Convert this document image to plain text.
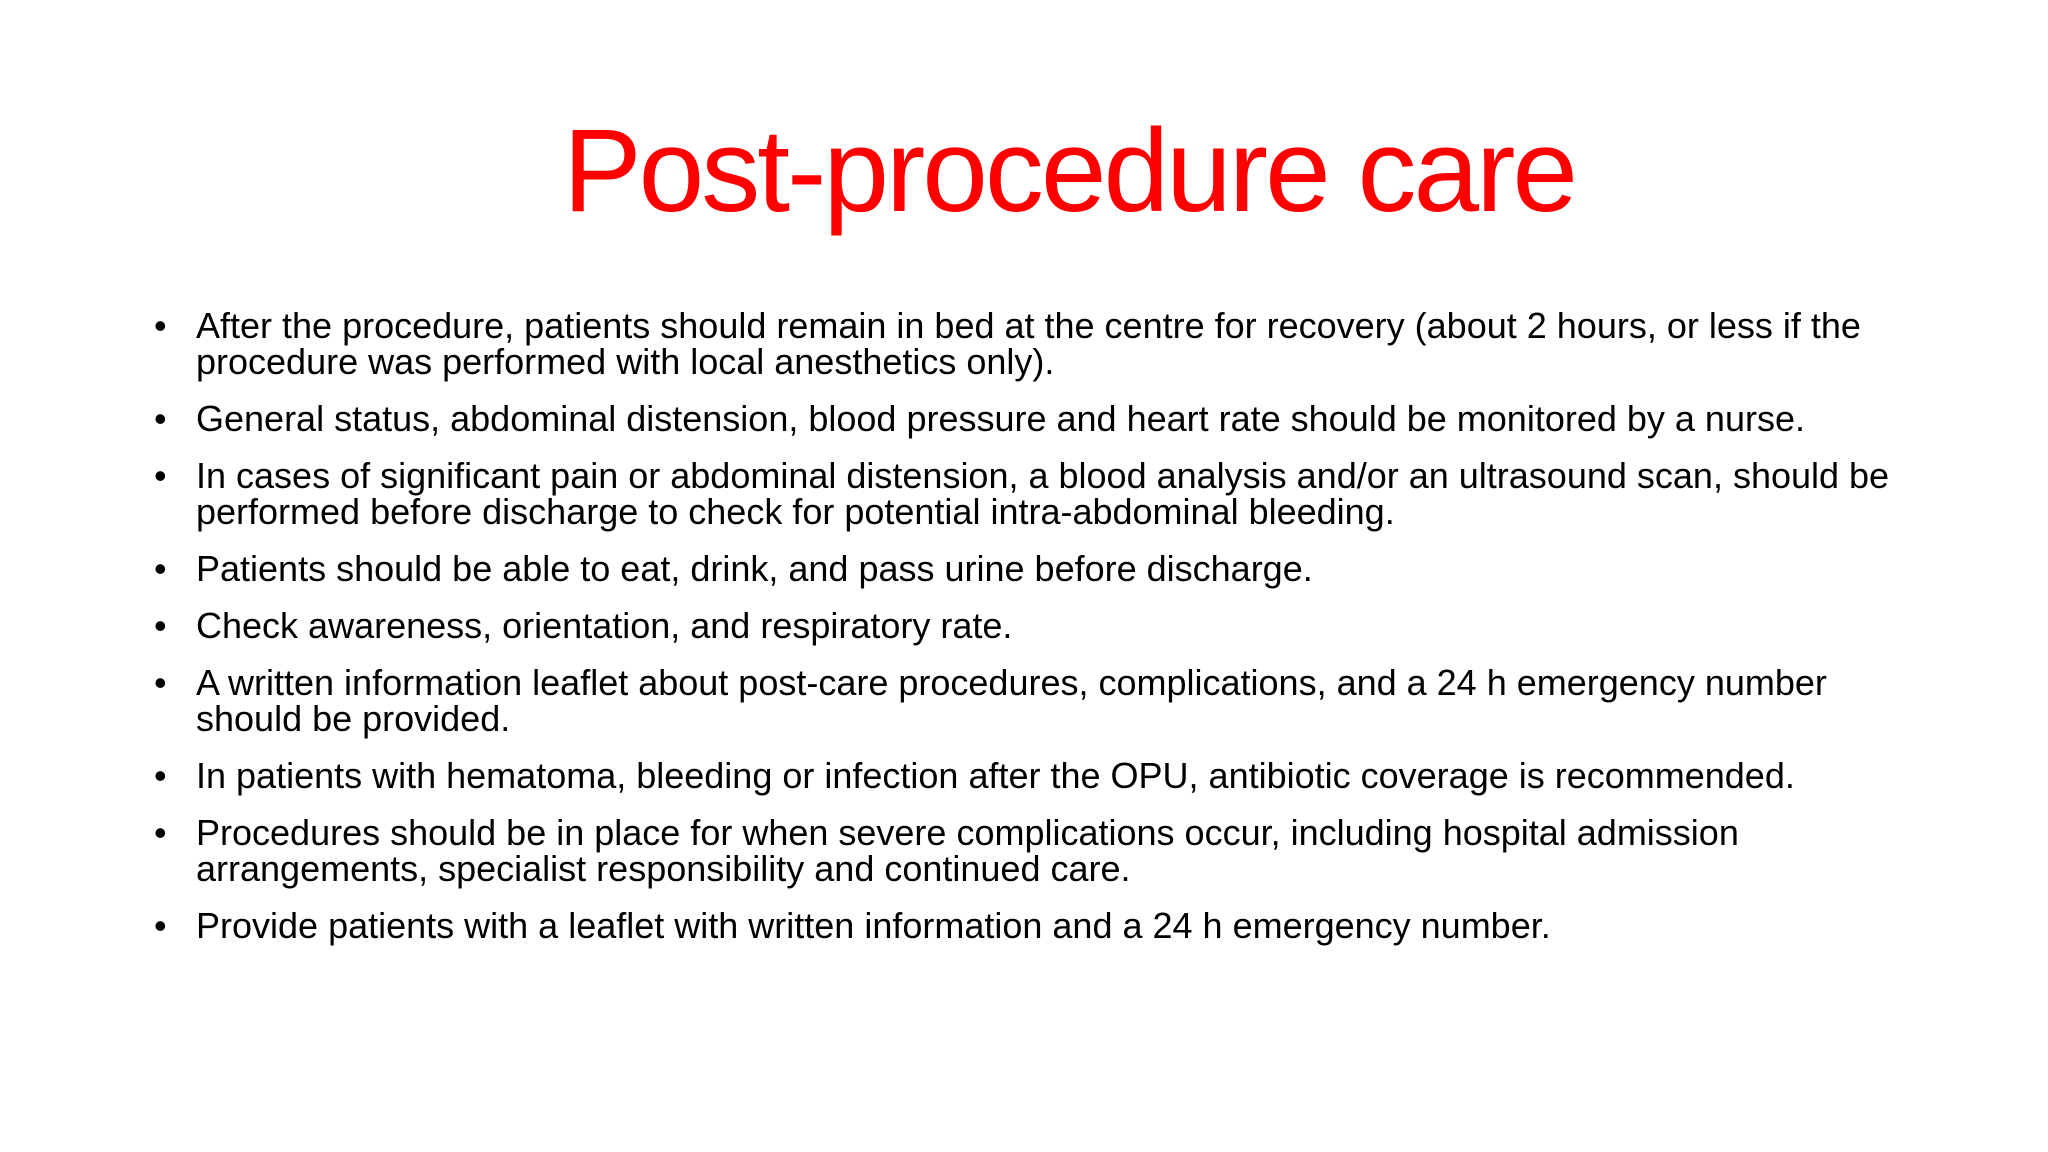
Post-procedure care
• After the procedure, patients should remain in bed at the centre for recovery (about 2 hours, or less if the procedure was performed with local anesthetics only).
• General status, abdominal distension, blood pressure and heart rate should be monitored by a nurse.
• In cases of significant pain or abdominal distension, a blood analysis and/or an ultrasound scan, should be performed before discharge to check for potential intra-abdominal bleeding.
• Patients should be able to eat, drink, and pass urine before discharge.
• Check awareness, orientation, and respiratory rate.
• A written information leaflet about post-care procedures, complications, and a 24 h emergency number should be provided.
• In patients with hematoma, bleeding or infection after the OPU, antibiotic coverage is recommended.
• Procedures should be in place for when severe complications occur, including hospital admission arrangements, specialist responsibility and continued care.
• Provide patients with a leaflet with written information and a 24 h emergency number.
